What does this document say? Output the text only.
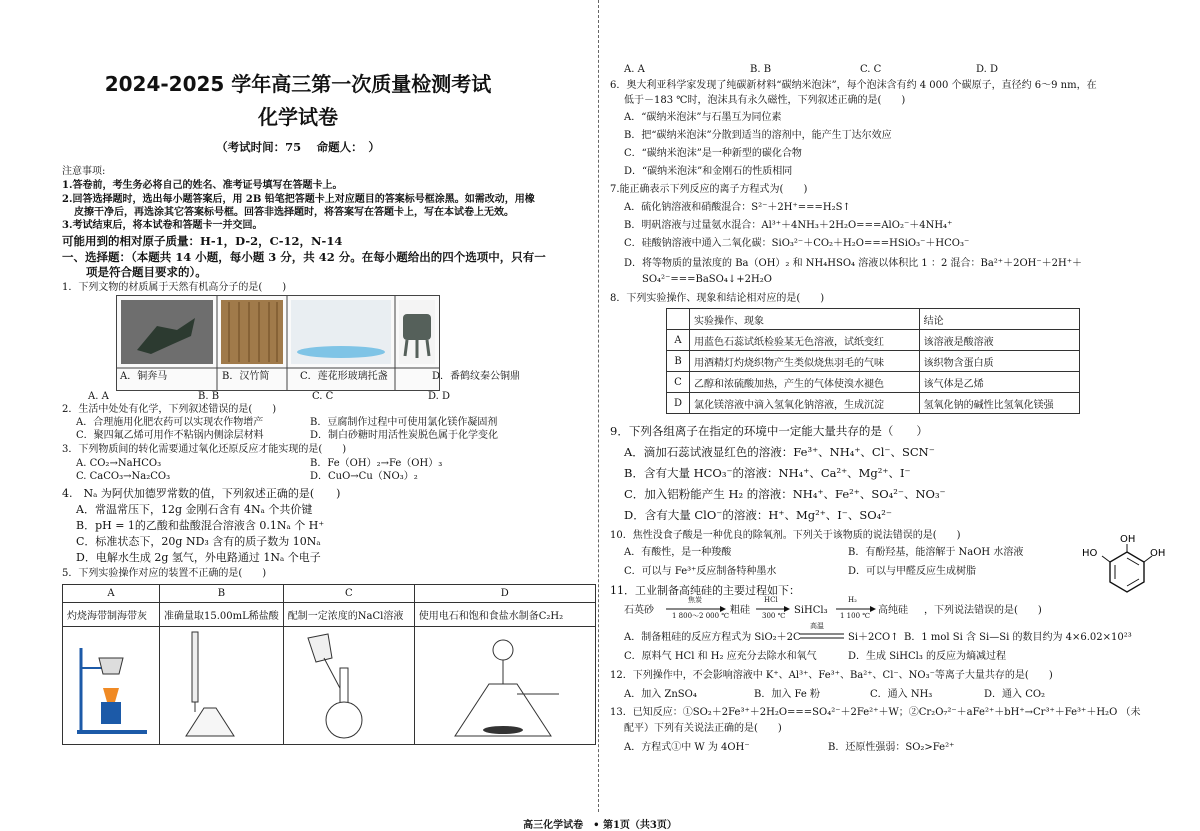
2024-2025 学年高三第一次质量检测考试
化学试卷
（考试时间：75　 命题人：　）
注意事项:
1.答卷前，考生务必将自己的姓名、准考证号填写在答题卡上。
2.回答选择题时，选出每小题答案后，用 2B 铅笔把答题卡上对应题目的答案标号框涂黑。如需改动，用橡
皮擦干净后，再选涂其它答案标号框。回答非选择题时，将答案写在答题卡上，写在本试卷上无效。
3.考试结束后，将本试卷和答题卡一并交回。
可能用到的相对原子质量：H-1，D-2，C-12，N-14
一、选择题：（本题共 14 小题，每小题 3 分，共 42 分。在每小题给出的四个选项中，只有一
项是符合题目要求的）。
1．下列文物的材质属于天然有机高分子的是(　　)
A．铜奔马	B．汉竹简	C．莲花形玻璃托盏	D．番鹤纹秦公铜鼎
A. A	B. B	C. C	D. D
2．生活中处处有化学，下列叙述错误的是(　　)
A．合理施用化肥农药可以实现农作物增产	B．豆腐制作过程中可使用氯化镁作凝固剂
C．聚四氟乙烯可用作不粘锅内侧涂层材料	D．制白砂糖时用活性炭脱色属于化学变化
3．下列物质间的转化需要通过氧化还原反应才能实现的是(　　)
A. CO₂→NaHCO₃	B．Fe（OH）₂→Fe（OH）₃
C. CaCO₃→Na₂CO₃	D．CuO→Cu（NO₃）₂
4.　Nₐ 为阿伏加德罗常数的值，下列叙述正确的是(　　)
A．常温常压下，12g 金刚石含有 4Nₐ 个共价键
B．pH = 1的乙酸和盐酸混合溶液含 0.1Nₐ 个 H⁺
C．标准状态下，20g ND₃ 含有的质子数为 10Nₐ
D．电解水生成 2g 氢气，外电路通过 1Nₐ 个电子
5．下列实验操作对应的装置不正确的是(　　)
A	B	C	D
灼烧海带制海带灰	准确量取15.00mL稀盐酸	配制一定浓度的NaCl溶液	使用电石和饱和食盐水制备C₂H₂

A. A	B. B	C. C	D. D
6．奥大利亚科学家发现了纯碳新材料“碳纳米泡沫”，每个泡沫含有约 4 000 个碳原子，直径约 6～9 nm，在
低于－183 ℃时，泡沫具有永久磁性，下列叙述正确的是(　　)
A．“碳纳米泡沫”与石墨互为同位素
B．把“碳纳米泡沫”分散到适当的溶剂中，能产生丁达尔效应
C．“碳纳米泡沫”是一种新型的碳化合物
D．“碳纳米泡沫”和金刚石的性质相同
7.能正确表示下列反应的离子方程式为(　　)
A．硫化钠溶液和硝酸混合：S²⁻＋2H⁺===H₂S↑
B．明矾溶液与过量氨水混合：Al³⁺＋4NH₃＋2H₂O===AlO₂⁻＋4NH₄⁺
C．硅酸钠溶液中通入二氧化碳：SiO₃²⁻＋CO₂＋H₂O===HSiO₃⁻＋HCO₃⁻
D．将等物质的量浓度的 Ba（OH）₂ 和 NH₄HSO₄ 溶液以体积比 1 ：2 混合：Ba²⁺＋2OH⁻＋2H⁺＋
SO₄²⁻===BaSO₄↓+2H₂O
8．下列实验操作、现象和结论相对应的是(　　)
	实验操作、现象	结论
A	用蓝色石蕊试纸检验某无色溶液，试纸变红	该溶液是酸溶液
B	用酒精灯灼烧织物产生类似烧焦羽毛的气味	该织物含蛋白质
C	乙醇和浓硫酸加热，产生的气体使溴水褪色	该气体是乙烯
D	氯化镁溶液中滴入氢氧化钠溶液，生成沉淀	氢氧化钠的碱性比氢氧化镁强
9．下列各组离子在指定的环境中一定能大量共存的是（　　）
A．滴加石蕊试液显红色的溶液：Fe³⁺、NH₄⁺、Cl⁻、SCN⁻
B．含有大量 HCO₃⁻的溶液：NH₄⁺、Ca²⁺、Mg²⁺、I⁻
C．加入铝粉能产生 H₂ 的溶液：NH₄⁺、Fe²⁺、SO₄²⁻、NO₃⁻
D．含有大量 ClO⁻的溶液：H⁺、Mg²⁺、I⁻、SO₄²⁻
10．焦性没食子酸是一种优良的除氧剂。下列关于该物质的说法错误的是(　　)
A．有酸性，是一种羧酸	B．有酚羟基，能溶解于 NaOH 水溶液
C．可以与 Fe³⁺反应制备特种墨水	D．可以与甲醛反应生成树脂
OH
OH
HO
11．工业制备高纯硅的主要过程如下：
石英砂
焦炭
1 800～2 000 ℃ 粗硅
HCl
300 ℃ SiHCl₃
H₂
1 100 ℃ 高纯硅 ，下列说法错误的是(　　)
A．制备粗硅的反应方程式为 SiO₂＋2C
高温
Si＋2CO↑ B．1 mol Si 含 Si—Si 的数目约为 4×6.02×10²³
C．原料气 HCl 和 H₂ 应充分去除水和氧气	D．生成 SiHCl₃ 的反应为熵减过程
12．下列操作中，不会影响溶液中 K⁺、Al³⁺、Fe³⁺、Ba²⁺、Cl⁻、NO₃⁻等离子大量共存的是(　　)
A．加入 ZnSO₄	B．加入 Fe 粉	C．通入 NH₃	D．通入 CO₂
13．已知反应：①SO₂＋2Fe³⁺＋2H₂O===SO₄²⁻＋2Fe²⁺＋W；②Cr₂O₇²⁻＋aFe²⁺＋bH⁺→Cr³⁺＋Fe³⁺＋H₂O （未
配平）下列有关说法正确的是(　　)
A．方程式①中 W 为 4OH⁻	B．还原性强弱：SO₂>Fe²⁺
高三化学试卷　• 第1页（共3页）
